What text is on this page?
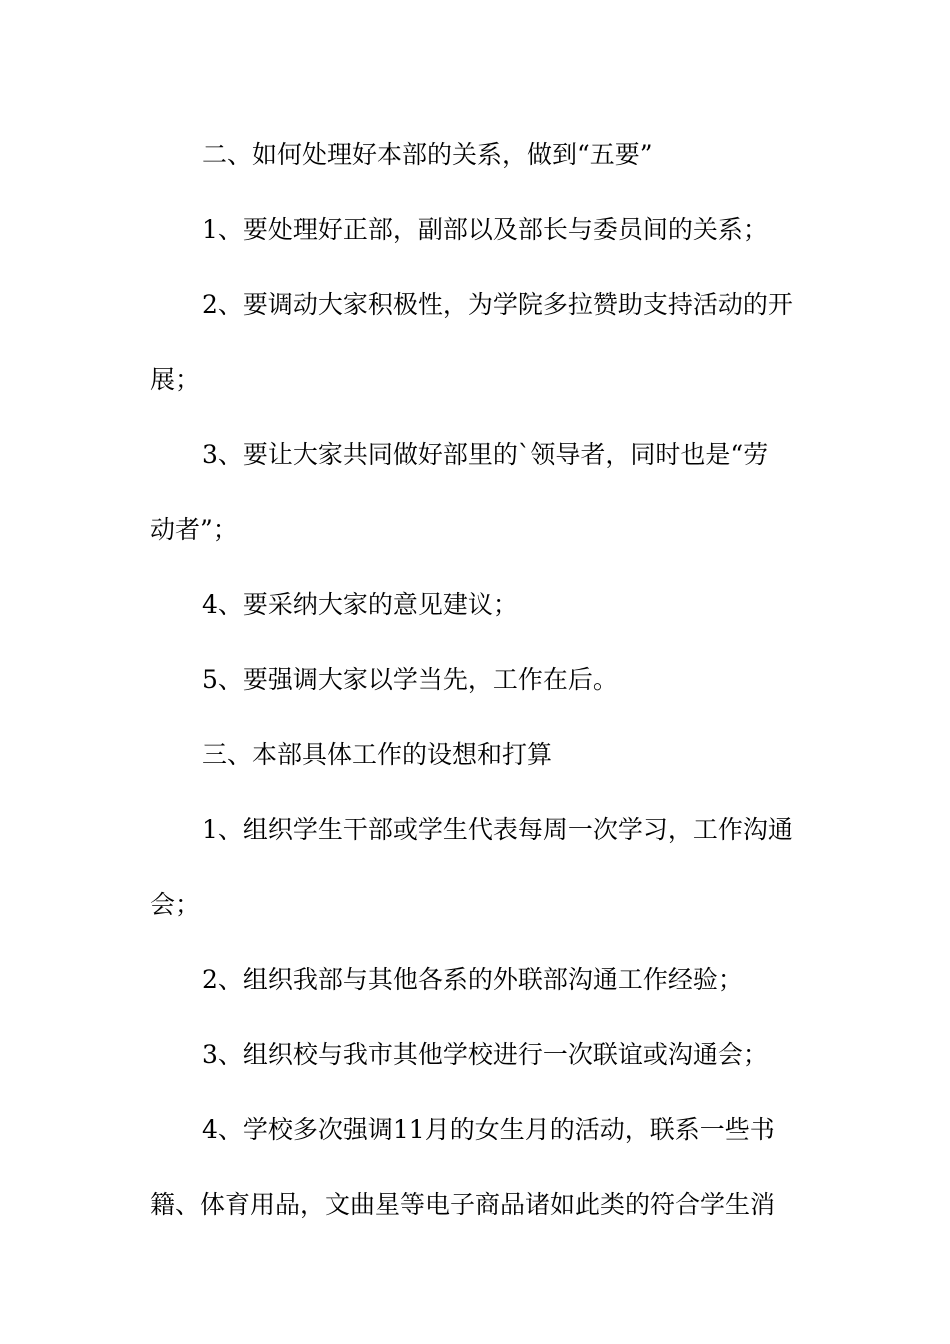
二、如何处理好本部的关系，做到“五要”
1、要处理好正部，副部以及部长与委员间的关系；
2、要调动大家积极性，为学院多拉赞助支持活动的开
展；
3、要让大家共同做好部里的`领导者，同时也是“劳
动者”；
4、要采纳大家的意见建议；
5、要强调大家以学当先，工作在后。
三、本部具体工作的设想和打算
1、组织学生干部或学生代表每周一次学习，工作沟通
会；
2、组织我部与其他各系的外联部沟通工作经验；
3、组织校与我市其他学校进行一次联谊或沟通会；
4、学校多次强调11月的女生月的活动，联系一些书
籍、体育用品，文曲星等电子商品诸如此类的符合学生消
